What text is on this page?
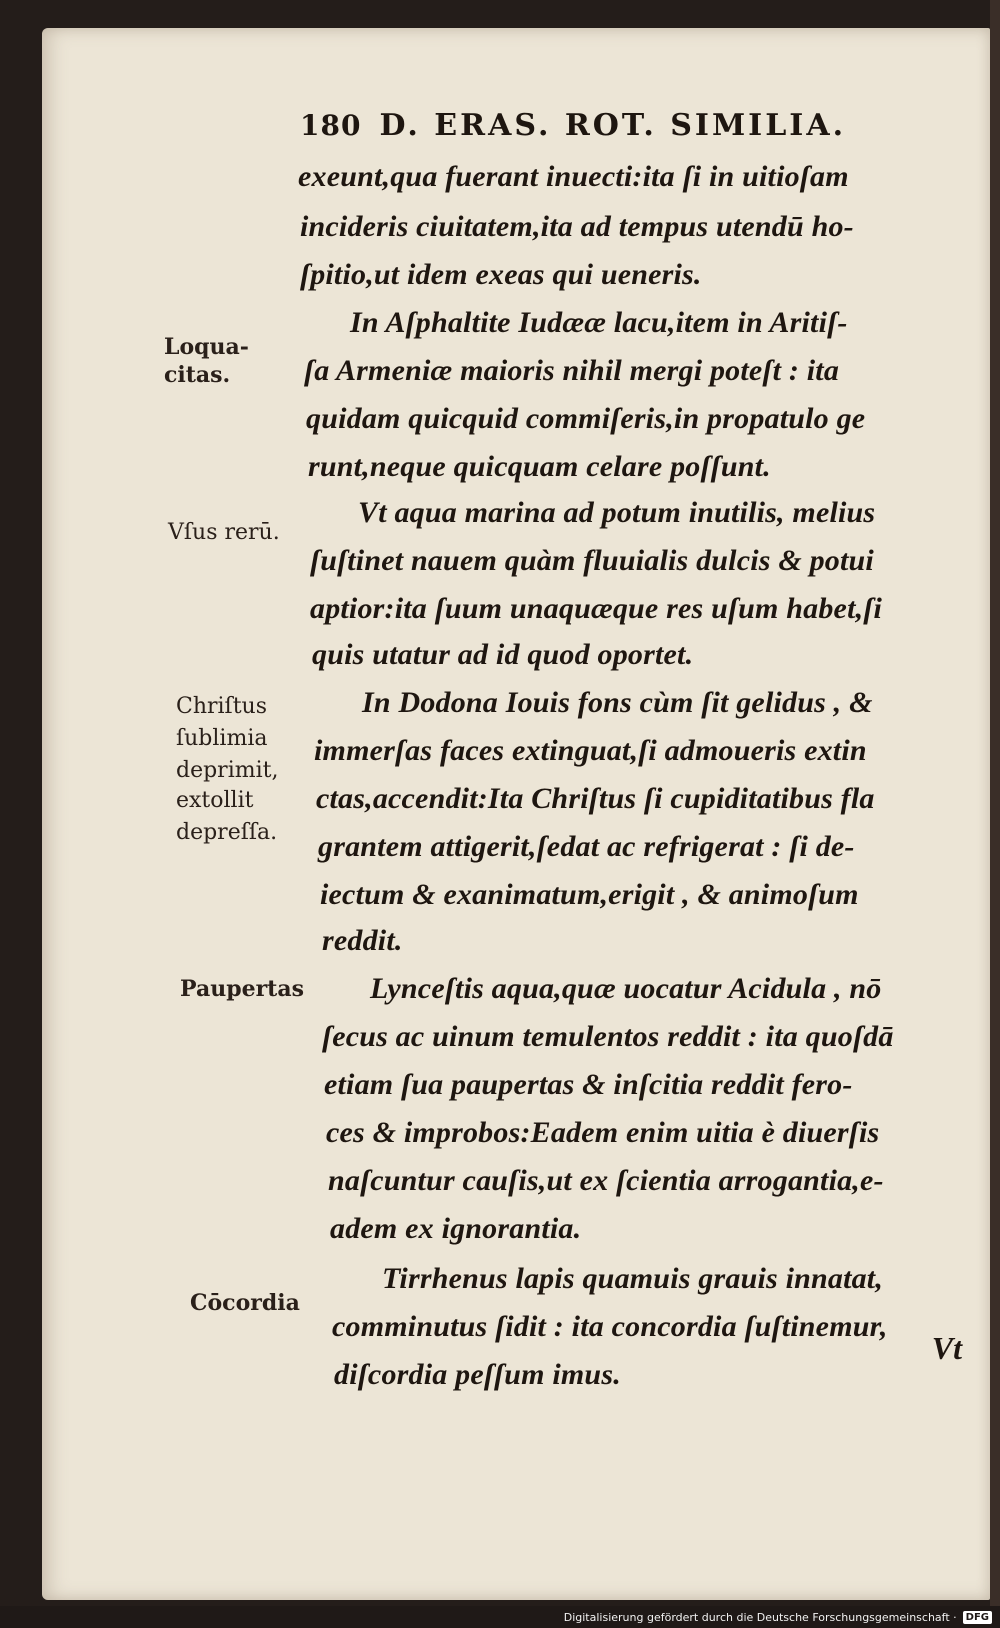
180 D. ERAS. ROT. SIMILIA.
exeunt,qua fuerant inuecti:ita ſi in uitioſam
incideris ciuitatem,ita ad tempus utendū ho-
ſpitio,ut idem exeas qui ueneris.
In Aſphaltite Iudææ lacu,item in Aritiſ-
ſa Armeniæ maioris nihil mergi poteſt : ita
quidam quicquid commiſeris,in propatulo ge
runt,neque quicquam celare poſſunt.
Vt aqua marina ad potum inutilis, melius
ſuſtinet nauem quàm fluuialis dulcis & potui
aptior:ita ſuum unaquæque res uſum habet,ſi
quis utatur ad id quod oportet.
In Dodona Iouis fons cùm ſit gelidus , &
immerſas faces extinguat,ſi admoueris extin
ctas,accendit:Ita Chriſtus ſi cupiditatibus fla
grantem attigerit,ſedat ac refrigerat : ſi de-
iectum & exanimatum,erigit , & animoſum
reddit.
Lynceſtis aqua,quæ uocatur Acidula , nō
ſecus ac uinum temulentos reddit : ita quoſdā
etiam ſua paupertas & inſcitia reddit fero-
ces & improbos:Eadem enim uitia è diuerſis
naſcuntur cauſis,ut ex ſcientia arrogantia,e-
adem ex ignorantia.
Tirrhenus lapis quamuis grauis innatat,
comminutus ſidit : ita concordia ſuſtinemur,
diſcordia peſſum imus.
Loqua-
citas.
Vſus rerū.
Chriſtus
ſublimia
deprimit,
extollit
depreſſa.
Paupertas
Cōcordia
Vt
Digitalisierung gefördert durch die Deutsche Forschungsgemeinschaft · DFG
